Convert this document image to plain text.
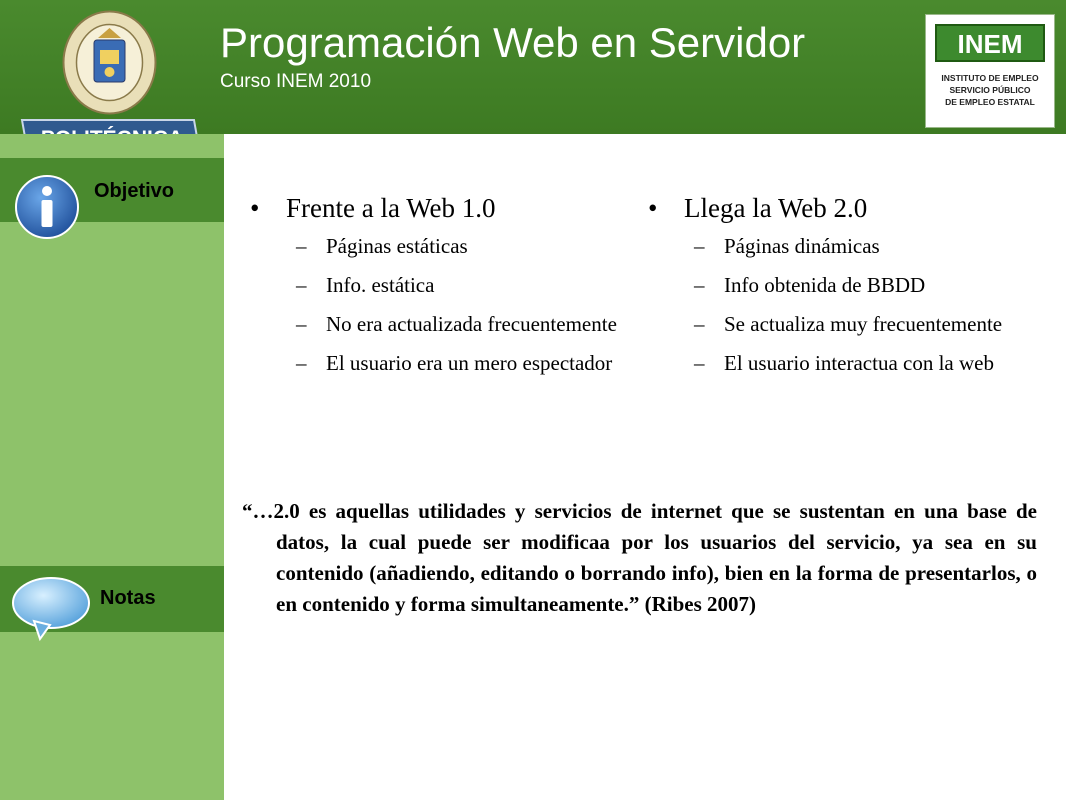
Programación Web en Servidor
Curso INEM 2010
INEM
INSTITUTO DE EMPLEO
SERVICIO PÚBLICO
DE EMPLEO ESTATAL
Objetivo
Notas
• Frente a la Web 1.0
– Páginas estáticas
– Info. estática
– No era actualizada frecuentemente
– El usuario era un mero espectador
• Llega la Web 2.0
– Páginas dinámicas
– Info obtenida de BBDD
– Se actualiza muy frecuentemente
– El usuario interactua con la web
“…2.0 es aquellas utilidades y servicios de internet que se sustentan en una base de datos, la cual puede ser modificaa por los usuarios del servicio, ya sea en su contenido (añadiendo, editando o borrando info), bien en la forma de presentarlos, o en contenido y forma simultaneamente.” (Ribes 2007)
